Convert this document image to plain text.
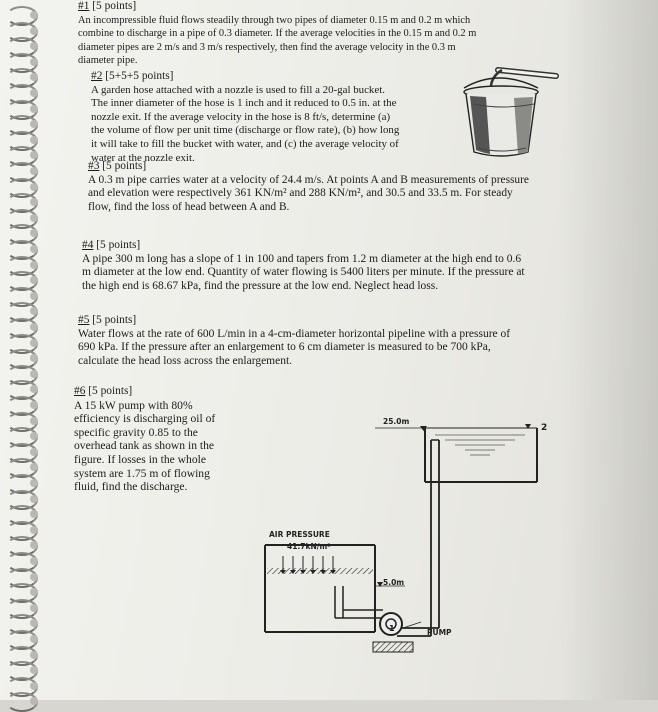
#1 [5 points]
An incompressible fluid flows steadily through two pipes of diameter 0.15 m and 0.2 m which
combine to discharge in a pipe of 0.3 diameter. If the average velocities in the 0.15 m and 0.2 m
diameter pipes are 2 m/s and 3 m/s respectively, then find the average velocity in the 0.3 m
diameter pipe.
#2 [5+5+5 points]
A garden hose attached with a nozzle is used to fill a 20-gal bucket.
The inner diameter of the hose is 1 inch and it reduced to 0.5 in. at the
nozzle exit. If the average velocity in the hose is 8 ft/s, determine (a)
the volume of flow per unit time (discharge or flow rate), (b) how long
it will take to fill the bucket with water, and (c) the average velocity of
water at the nozzle exit.
#3 [5 points]
A 0.3 m pipe carries water at a velocity of 24.4 m/s. At points A and B measurements of pressure
and elevation were respectively 361 KN/m² and 288 KN/m², and 30.5 and 33.5 m. For steady
flow, find the loss of head between A and B.
#4 [5 points]
A pipe 300 m long has a slope of 1 in 100 and tapers from 1.2 m diameter at the high end to 0.6
m diameter at the low end. Quantity of water flowing is 5400 liters per minute. If the pressure at
the high end is 68.67 kPa, find the pressure at the low end. Neglect head loss.
#5 [5 points]
Water flows at the rate of 600 L/min in a 4-cm-diameter horizontal pipeline with a pressure of
690 kPa. If the pressure after an enlargement to 6 cm diameter is measured to be 700 kPa,
calculate the head loss across the enlargement.
#6 [5 points]
A 15 kW pump with 80%
efficiency is discharging oil of
specific gravity 0.85 to the
overhead tank as shown in the
figure. If losses in the whole
system are 1.75 m of flowing
fluid, find the discharge.
25.0m
2
AIR PRESSURE
41.7kN/m²
5.0m
1	PUMP
